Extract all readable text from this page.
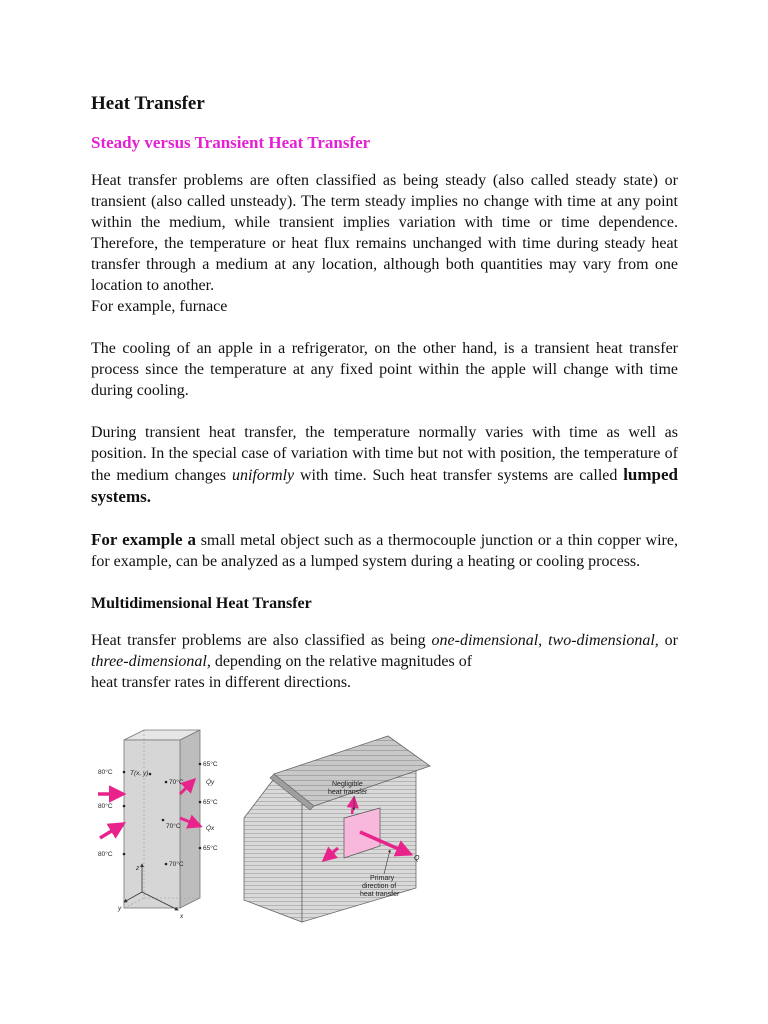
Heat Transfer
Steady versus Transient Heat Transfer

Heat transfer problems are often classified as being steady (also called steady state) or transient (also called unsteady). The term steady implies no change with time at any point within the medium, while transient implies variation with time or time dependence. Therefore, the temperature or heat flux remains unchanged with time during steady heat transfer through a medium at any location, although both quantities may vary from one location to another.

For example, furnace

The cooling of an apple in a refrigerator, on the other hand, is a transient heat transfer process since the temperature at any fixed point within the apple will change with time during cooling.

During transient heat transfer, the temperature normally varies with time as well as position. In the special case of variation with time but not with position, the temperature of the medium changes uniformly with time. Such heat transfer systems are called lumped systems.

For example a small metal object such as a thermocouple junction or a thin copper wire, for example, can be analyzed as a lumped system during a heating or cooling process.

Multidimensional Heat Transfer

Heat transfer problems are also classified as being one-dimensional, two-dimensional, or three-dimensional, depending on the relative magnitudes of
heat transfer rates in different directions.

80°C
80°C
80°C
65°C
65°C
65°C
70°C
70°C
70°C
T(x, y)
Q̇y
Q̇x
z
x
y
Negligible
heat transfer
Q
Primary
direction of
heat transfer
